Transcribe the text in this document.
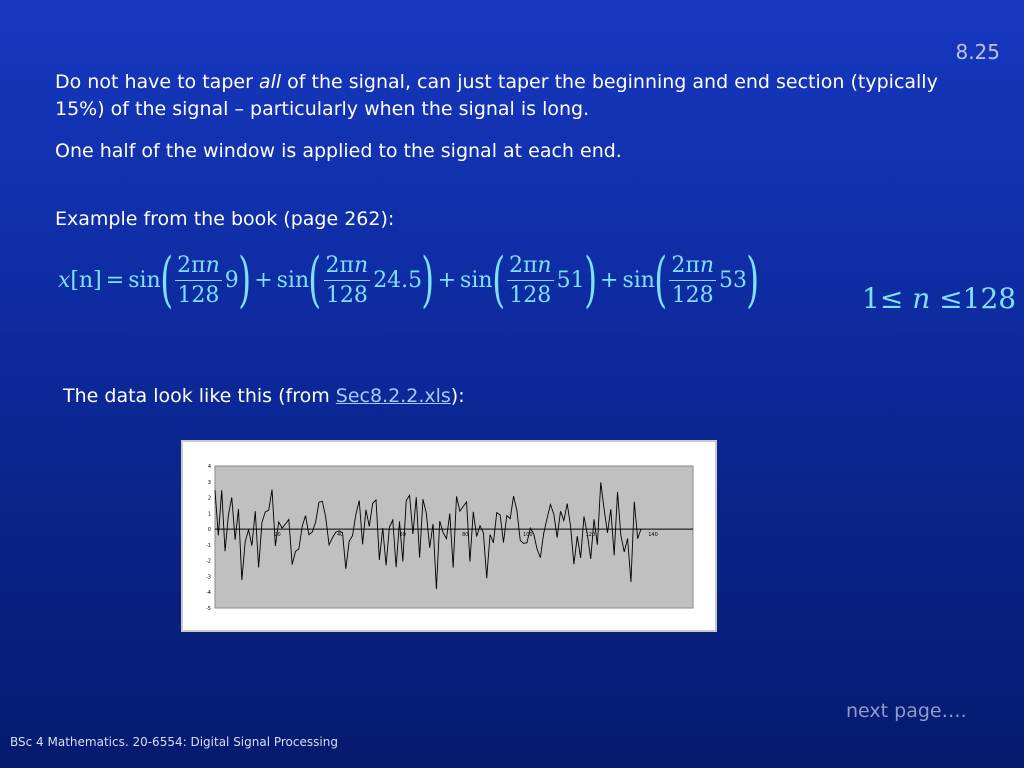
8.25
Do not have to taper all of the signal, can just taper the beginning and end section (typically 15%) of the signal – particularly when the signal is long.
One half of the window is applied to the signal at each end.
Example from the book (page 262):
x [n] = sin ( $\frac{2\pi n}{128} 9$ ) + sin ( $\frac{2\pi n}{128} 24.5$ ) + sin ( $\frac{2\pi n}{128} 51$ ) + sin ( $\frac{2\pi n}{128} 53$ )	1≤ n ≤128
The data look like this (from Sec8.2.2.xls):
4
3
2
1
0
-1
-2
-3
-4
-5
20	40	60	80	100	120	140
next page….
BSc 4 Mathematics. 20-6554: Digital Signal Processing
